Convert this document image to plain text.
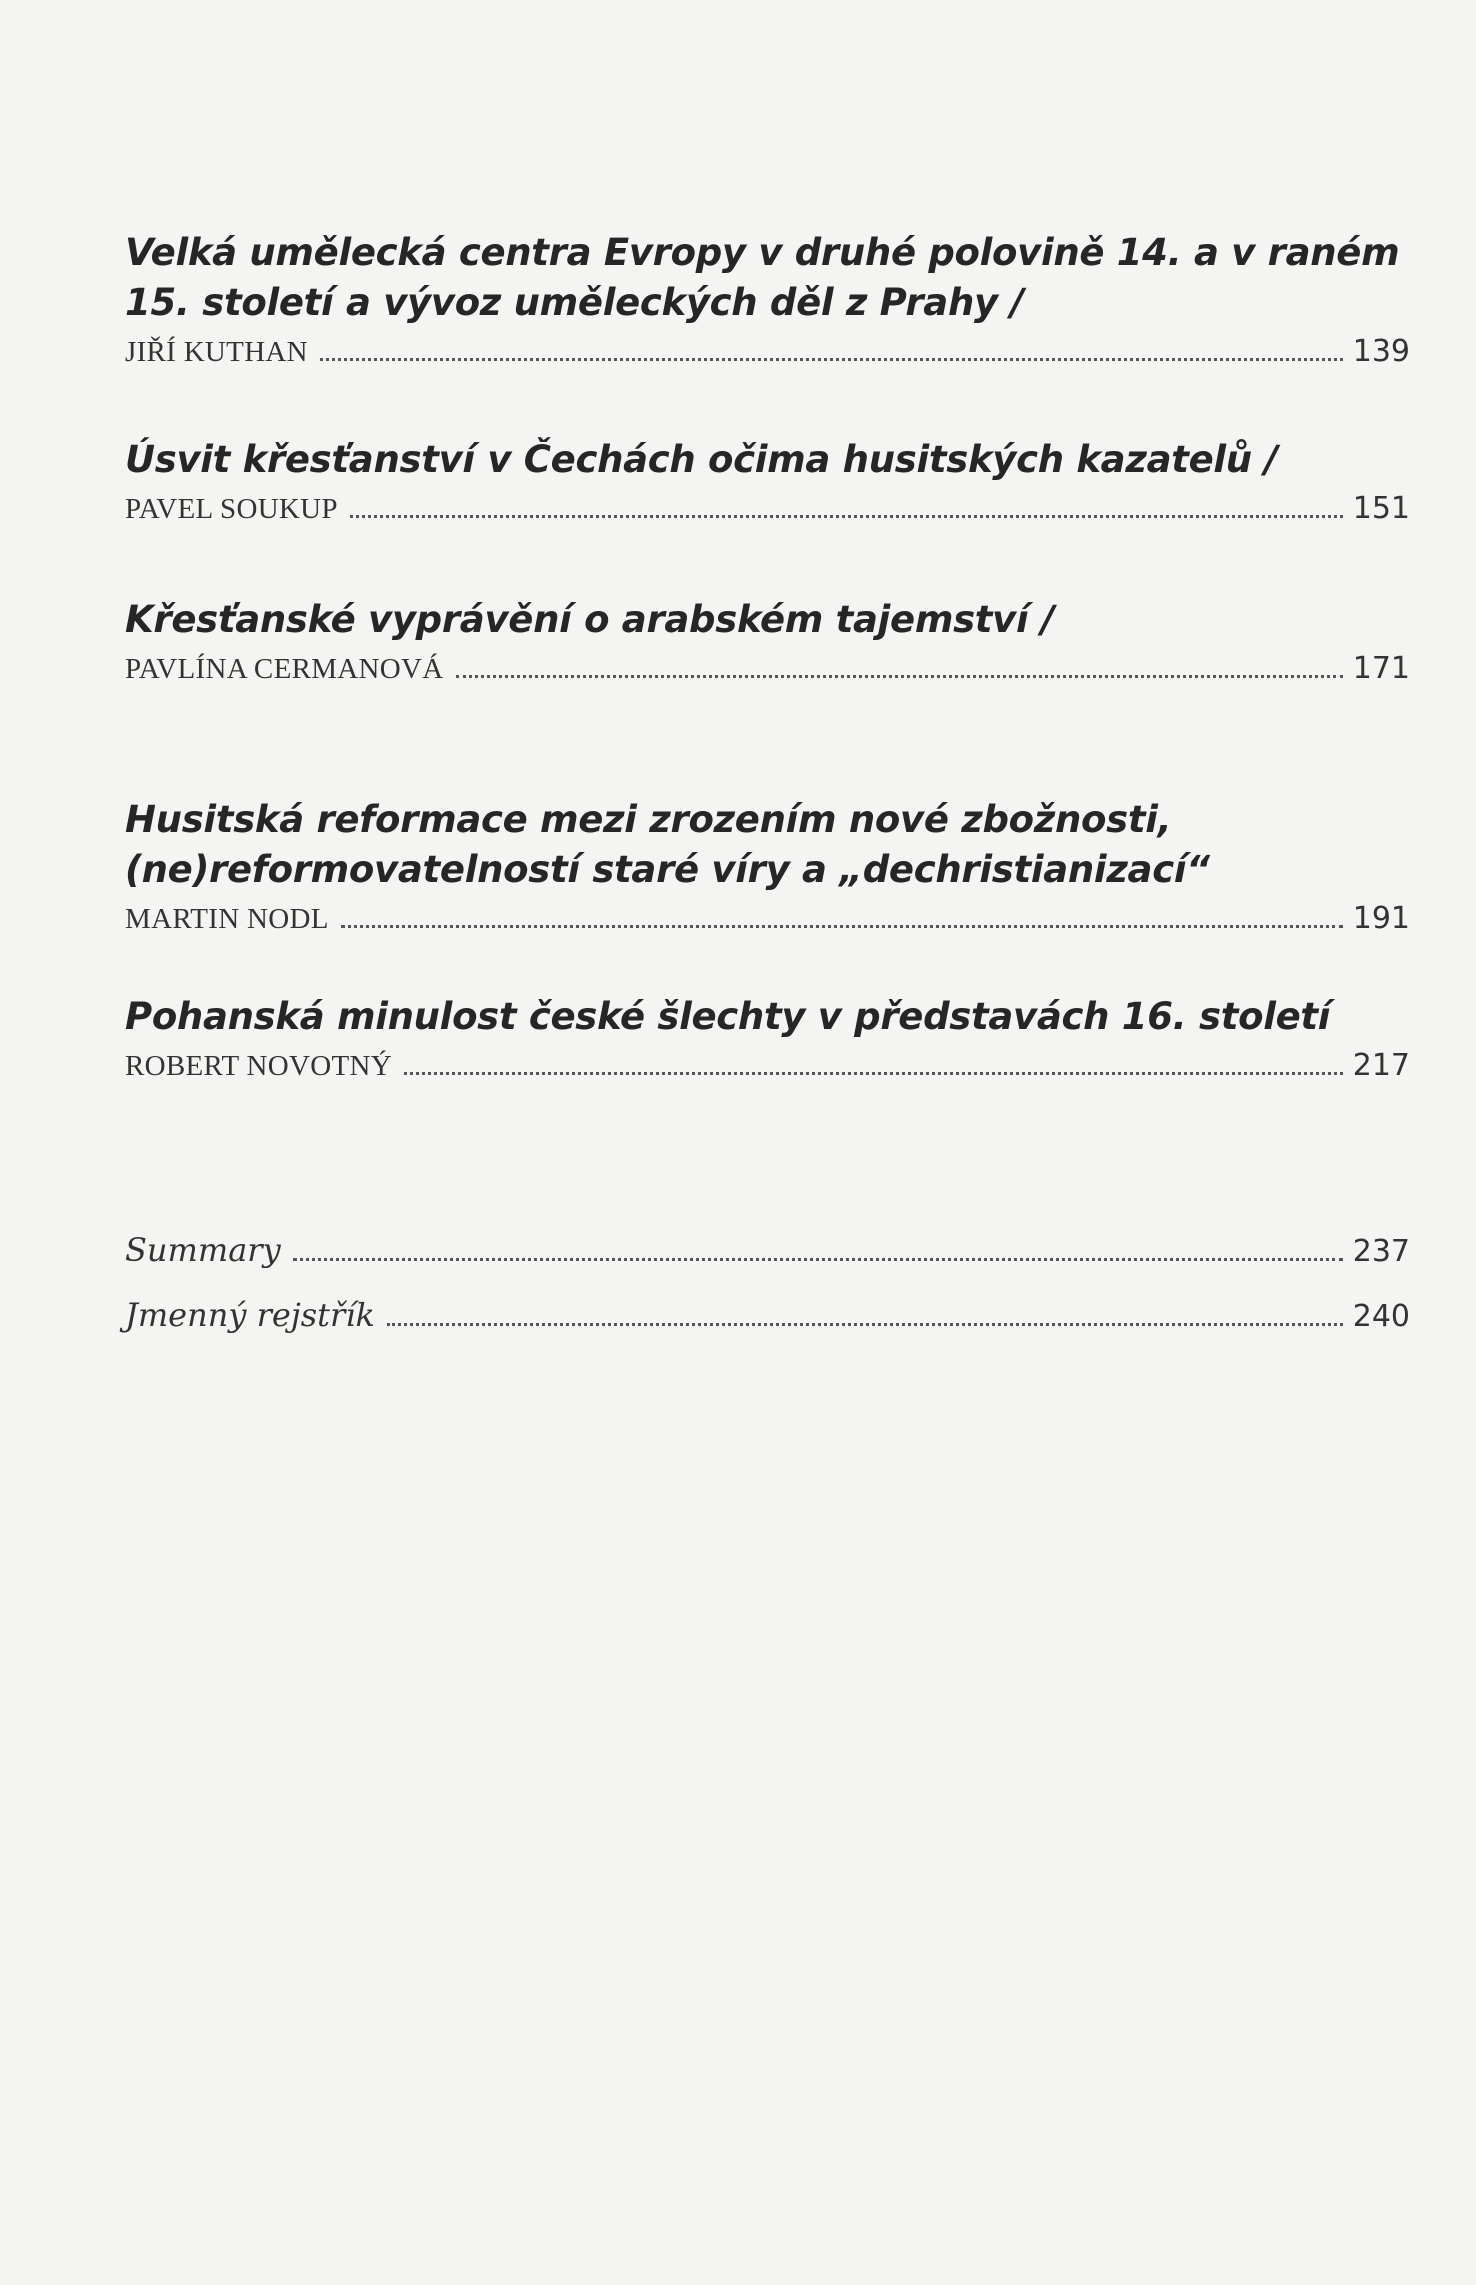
Velká umělecká centra Evropy v druhé polovině 14. a v raném
15. století a vývoz uměleckých děl z Prahy /

JIŘÍ KUTHAN	139

Úsvit křesťanství v Čechách očima husitských kazatelů /

PAVEL SOUKUP	151

Křesťanské vyprávění o arabském tajemství /

PAVLÍNA CERMANOVÁ	171

Husitská reformace mezi zrozením nové zbožnosti,
(ne)reformovatelností staré víry a „dechristianizací“

MARTIN NODL	191

Pohanská minulost české šlechty v představách 16. století

ROBERT NOVOTNÝ	217
Summary	237
Jmenný rejstřík	240
